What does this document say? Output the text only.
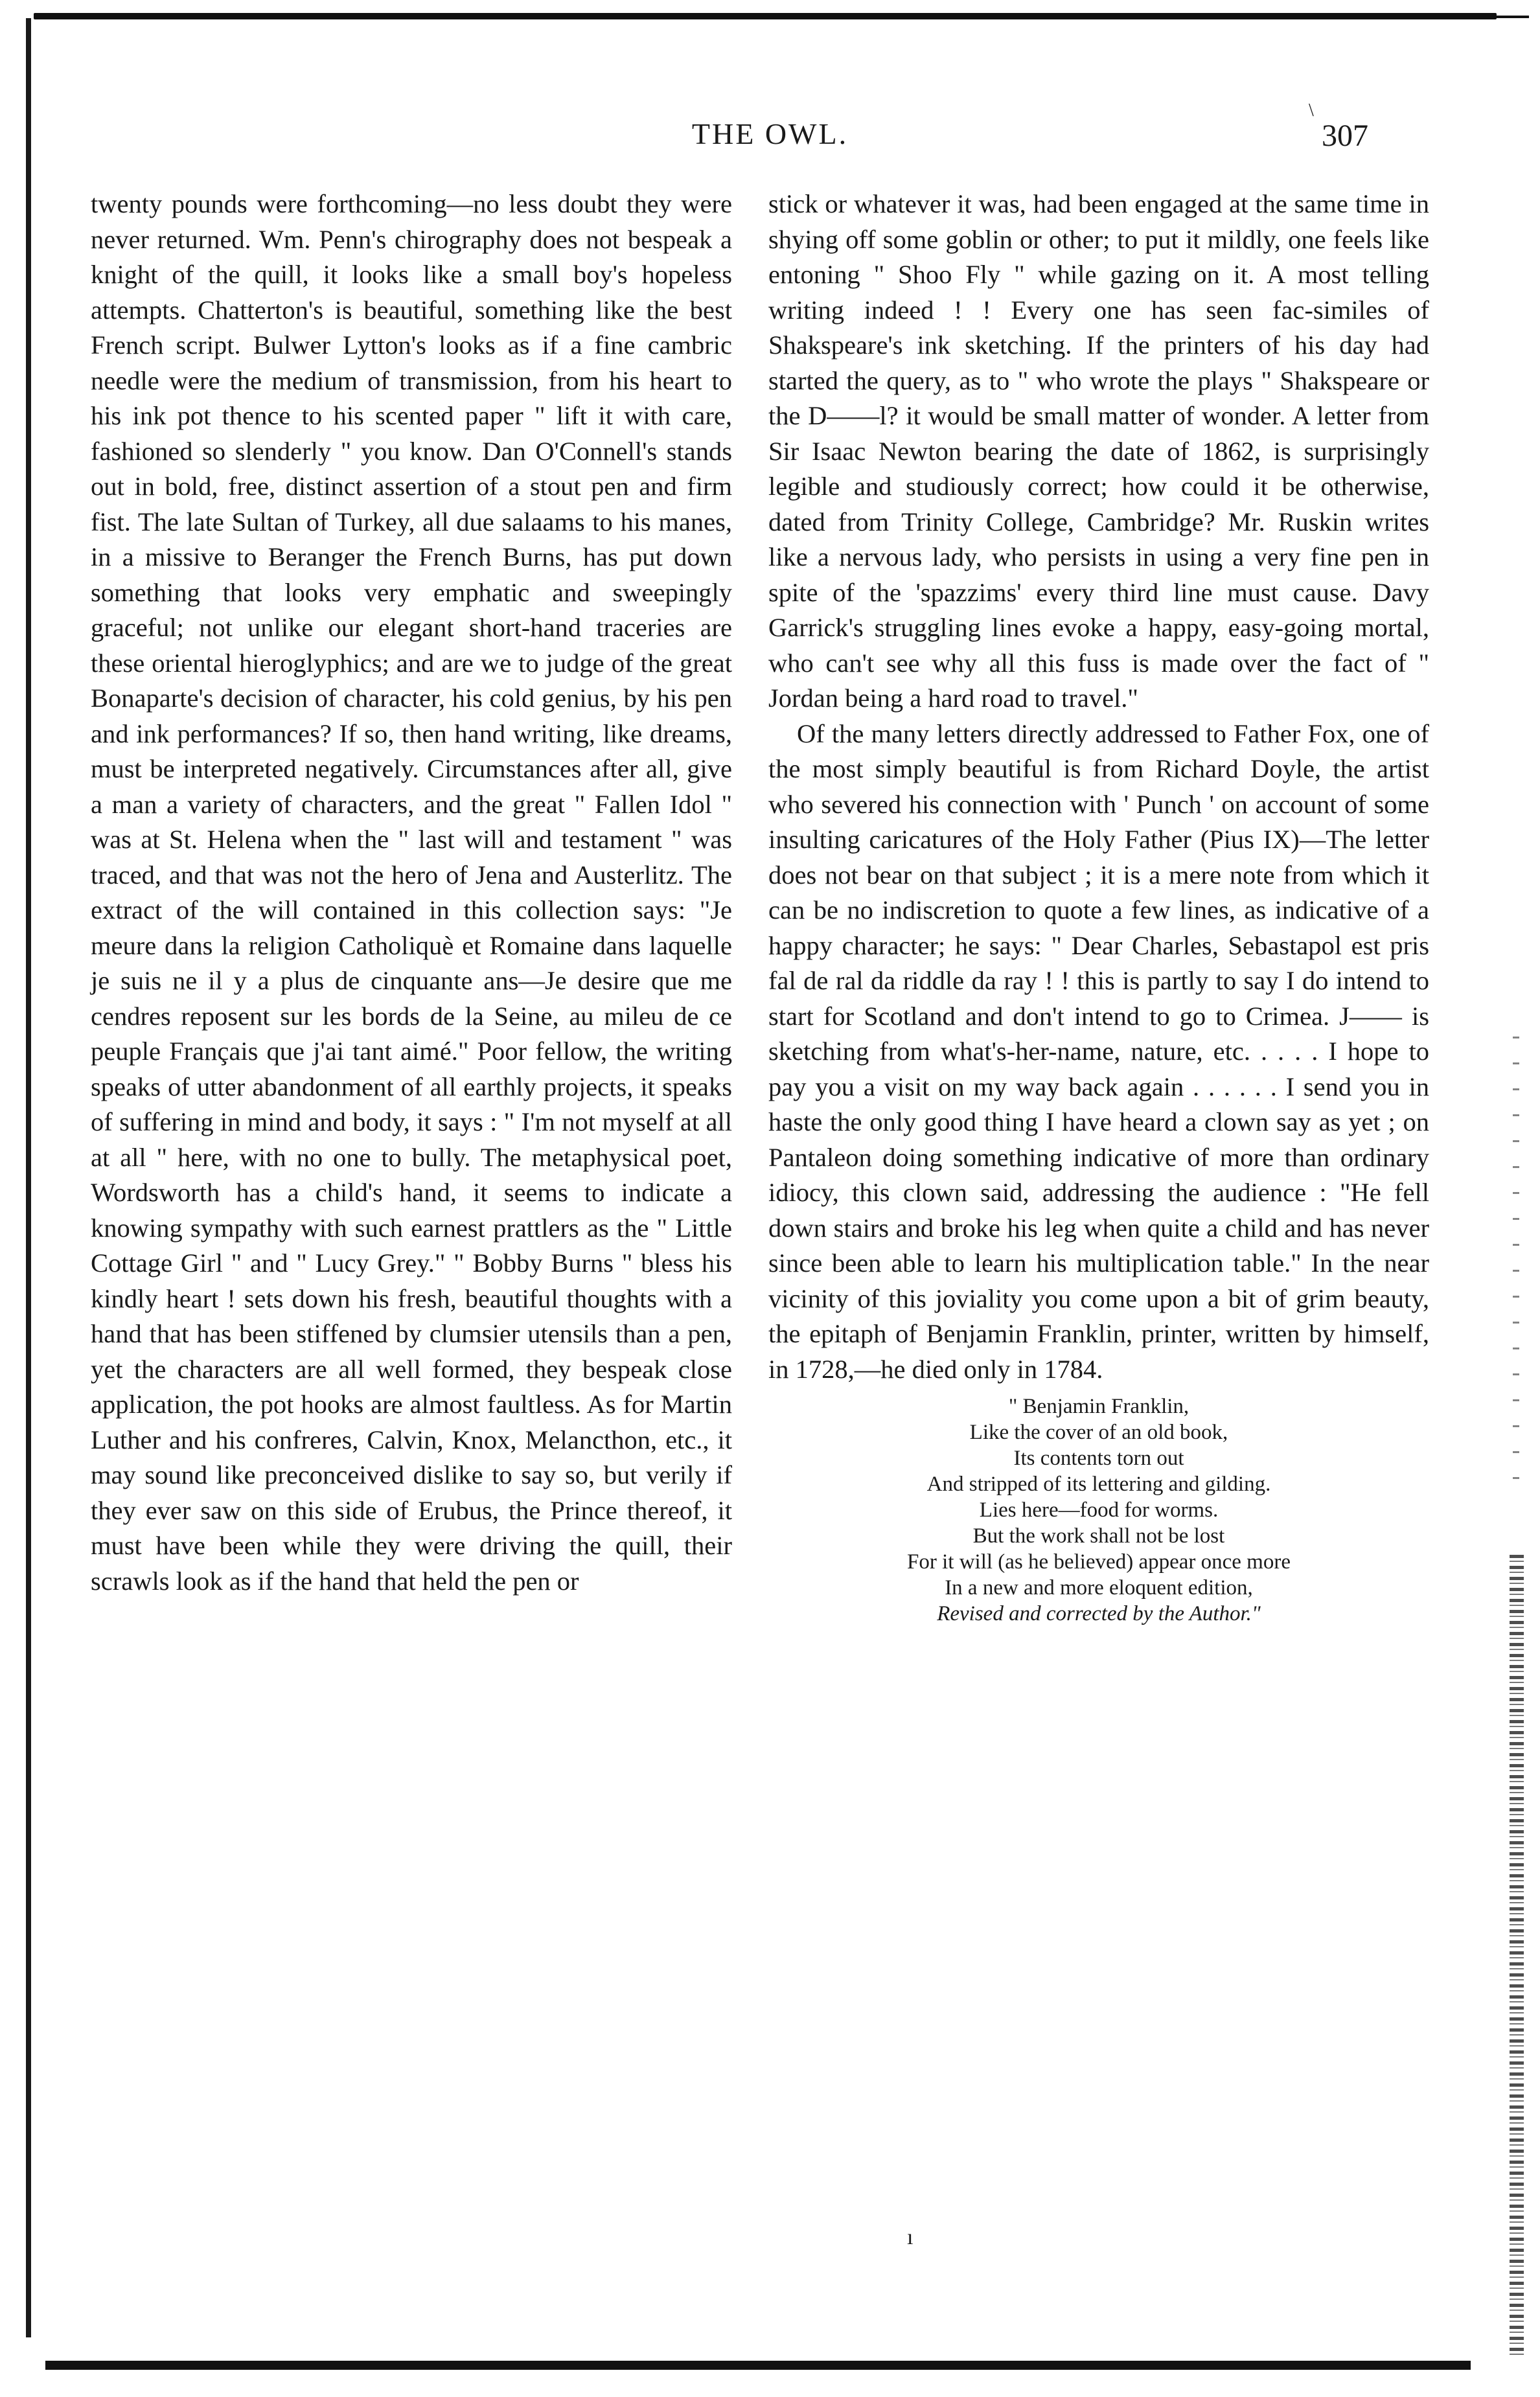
THE OWL.
\
307

twenty pounds were forthcoming—no less doubt they were never returned. Wm. Penn's chirography does not bespeak a knight of the quill, it looks like a small boy's hopeless attempts. Chatterton's is beautiful, something like the best French script. Bulwer Lytton's looks as if a fine cambric needle were the medium of transmission, from his heart to his ink pot thence to his scented paper " lift it with care, fashioned so slenderly " you know. Dan O'Connell's stands out in bold, free, distinct assertion of a stout pen and firm fist. The late Sultan of Turkey, all due salaams to his manes, in a missive to Beranger the French Burns, has put down something that looks very emphatic and sweepingly graceful; not unlike our elegant short-hand traceries are these oriental hieroglyphics; and are we to judge of the great Bonaparte's decision of character, his cold genius, by his pen and ink performances? If so, then hand writing, like dreams, must be interpreted negatively. Circumstances after all, give a man a variety of characters, and the great " Fallen Idol " was at St. Helena when the " last will and testament " was traced, and that was not the hero of Jena and Austerlitz. The extract of the will contained in this collection says: "Je meure dans la religion Catholiquè et Romaine dans laquelle je suis ne il y a plus de cinquante ans—Je desire que me cendres reposent sur les bords de la Seine, au mileu de ce peuple Français que j'ai tant aimé." Poor fellow, the writing speaks of utter abandonment of all earthly projects, it speaks of suffering in mind and body, it says : " I'm not myself at all at all " here, with no one to bully. The metaphysical poet, Wordsworth has a child's hand, it seems to indicate a knowing sympathy with such earnest prattlers as the " Little Cottage Girl " and " Lucy Grey." " Bobby Burns " bless his kindly heart ! sets down his fresh, beautiful thoughts with a hand that has been stiffened by clumsier utensils than a pen, yet the characters are all well formed, they bespeak close application, the pot hooks are almost faultless. As for Martin Luther and his confreres, Calvin, Knox, Melancthon, etc., it may sound like preconceived dislike to say so, but verily if they ever saw on this side of Erubus, the Prince thereof, it must have been while they were driving the quill, their scrawls look as if the hand that held the pen or

stick or whatever it was, had been engaged at the same time in shying off some goblin or other; to put it mildly, one feels like entoning " Shoo Fly " while gazing on it. A most telling writing indeed ! ! Every one has seen fac-similes of Shakspeare's ink sketching. If the printers of his day had started the query, as to " who wrote the plays " Shakspeare or the D——l? it would be small matter of wonder. A letter from Sir Isaac Newton bearing the date of 1862, is surprisingly legible and studiously correct; how could it be otherwise, dated from Trinity College, Cambridge? Mr. Ruskin writes like a nervous lady, who persists in using a very fine pen in spite of the 'spazzims' every third line must cause. Davy Garrick's struggling lines evoke a happy, easy-going mortal, who can't see why all this fuss is made over the fact of " Jordan being a hard road to travel."

Of the many letters directly addressed to Father Fox, one of the most simply beautiful is from Richard Doyle, the artist who severed his connection with ' Punch ' on account of some insulting caricatures of the Holy Father (Pius IX)—The letter does not bear on that subject ; it is a mere note from which it can be no indiscretion to quote a few lines, as indicative of a happy character; he says: " Dear Charles, Sebastapol est pris fal de ral da riddle da ray ! ! this is partly to say I do intend to start for Scotland and don't intend to go to Crimea. J—— is sketching from what's-her-name, nature, etc. . . . . I hope to pay you a visit on my way back again . . . . . . I send you in haste the only good thing I have heard a clown say as yet ; on Pantaleon doing something indicative of more than ordinary idiocy, this clown said, addressing the audience : "He fell down stairs and broke his leg when quite a child and has never since been able to learn his multiplication table." In the near vicinity of this joviality you come upon a bit of grim beauty, the epitaph of Benjamin Franklin, printer, written by himself, in 1728,—he died only in 1784.

" Benjamin Franklin,
Like the cover of an old book,
Its contents torn out
And stripped of its lettering and gilding.
Lies here—food for worms.
But the work shall not be lost
For it will (as he believed) appear once more
In a new and more eloquent edition,
Revised and corrected by the Author."
ı
